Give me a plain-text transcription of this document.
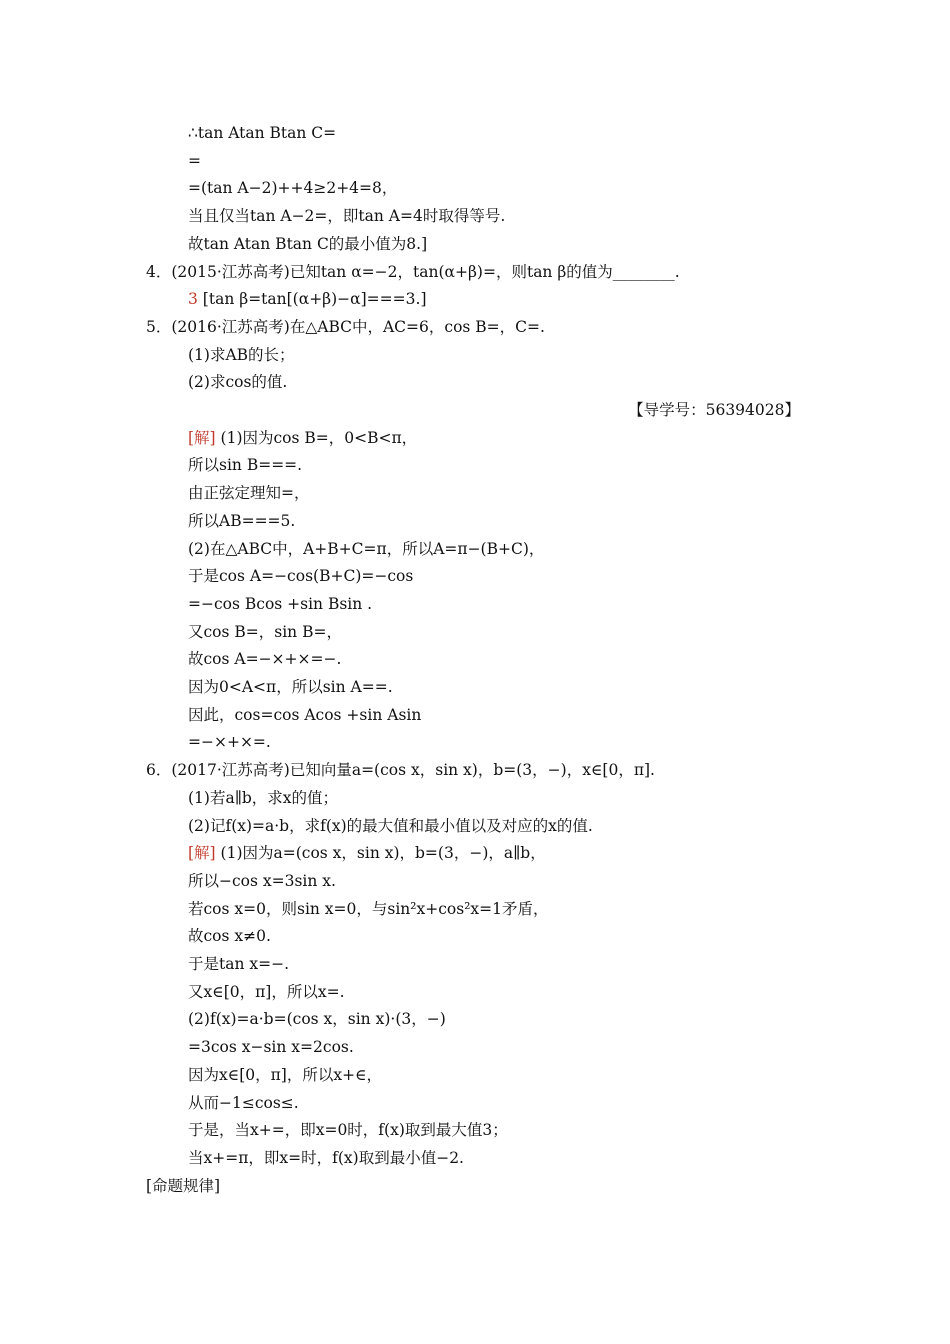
∴tan Atan Btan C=
=
=(tan A−2)++4≥2+4=8，
当且仅当tan A−2=，即tan A=4时取得等号.
故tan Atan Btan C的最小值为8.]
4．(2015·江苏高考)已知tan α=−2，tan(α+β)=，则tan β的值为________.
3 [tan β=tan[(α+β)−α]===3.]
5．(2016·江苏高考)在△ABC中，AC=6，cos B=，C=.
(1)求AB的长；
(2)求cos的值.
【导学号：56394028】
[解] (1)因为cos B=，0<B<π，
所以sin B===.
由正弦定理知=，
所以AB===5.
(2)在△ABC中，A+B+C=π，所以A=π−(B+C)，
于是cos A=−cos(B+C)=−cos
=−cos Bcos +sin Bsin .
又cos B=，sin B=，
故cos A=−×+×=−.
因为0<A<π，所以sin A==.
因此，cos=cos Acos +sin Asin
=−×+×=.
6．(2017·江苏高考)已知向量a=(cos x，sin x)，b=(3，−)，x∈[0，π].
(1)若a∥b，求x的值；
(2)记f(x)=a·b，求f(x)的最大值和最小值以及对应的x的值.
[解] (1)因为a=(cos x，sin x)，b=(3，−)，a∥b，
所以−cos x=3sin x.
若cos x=0，则sin x=0，与sin²x+cos²x=1矛盾，
故cos x≠0.
于是tan x=−.
又x∈[0，π]，所以x=.
(2)f(x)=a·b=(cos x，sin x)·(3，−)
=3cos x−sin x=2cos.
因为x∈[0，π]，所以x+∈，
从而−1≤cos≤.
于是，当x+=，即x=0时，f(x)取到最大值3；
当x+=π，即x=时，f(x)取到最小值−2.
[命题规律]
